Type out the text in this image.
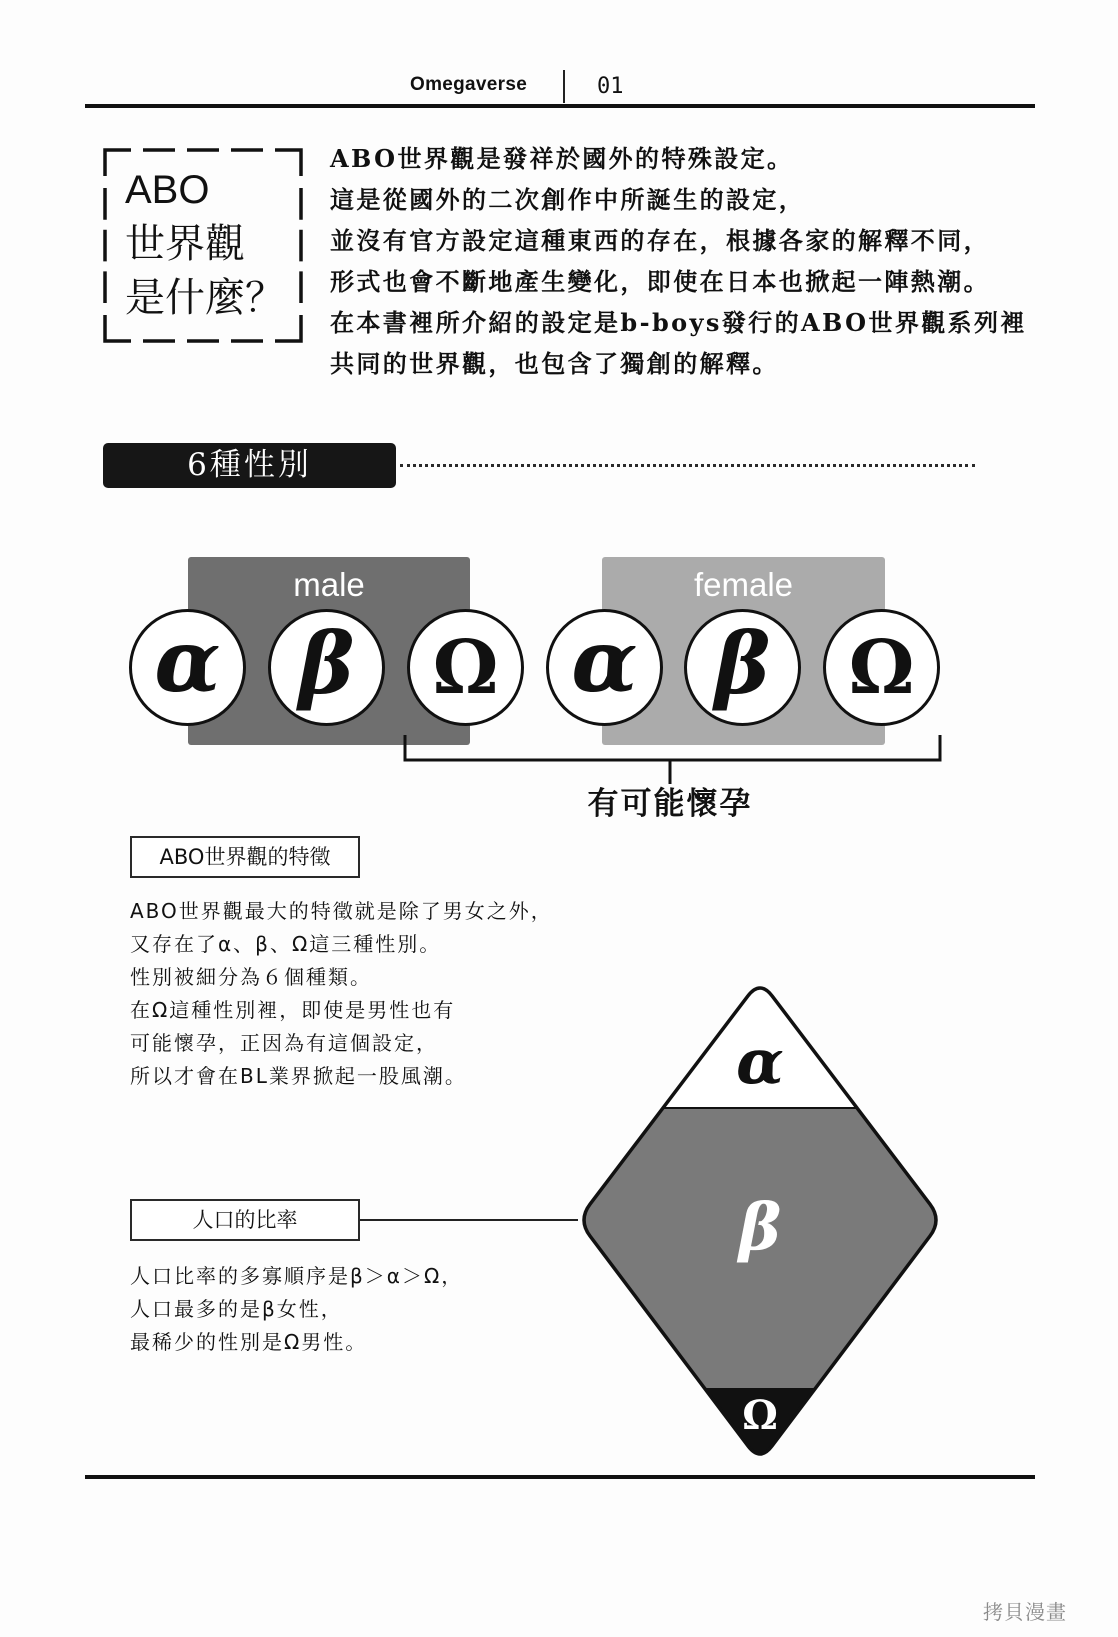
Omegaverse	01
ABO
世界觀
是什麼？
ABO世界觀是發祥於國外的特殊設定。
這是從國外的二次創作中所誕生的設定，
並沒有官方設定這種東西的存在，根據各家的解釋不同，
形式也會不斷地產生變化，即使在日本也掀起一陣熱潮。
在本書裡所介紹的設定是b-boys發行的ABO世界觀系列裡
共同的世界觀，也包含了獨創的解釋。
6種性別
male	female
α β Ω α β Ω
有可能懷孕
ABO世界觀的特徵
ABO世界觀最大的特徵就是除了男女之外，
又存在了α、β、Ω這三種性別。
性別被細分為６個種類。
在Ω這種性別裡，即使是男性也有
可能懷孕，正因為有這個設定，
所以才會在BL業界掀起一股風潮。
人口的比率
人口比率的多寡順序是β＞α＞Ω，
人口最多的是β女性，
最稀少的性別是Ω男性。
α
β
Ω
拷貝漫畫
